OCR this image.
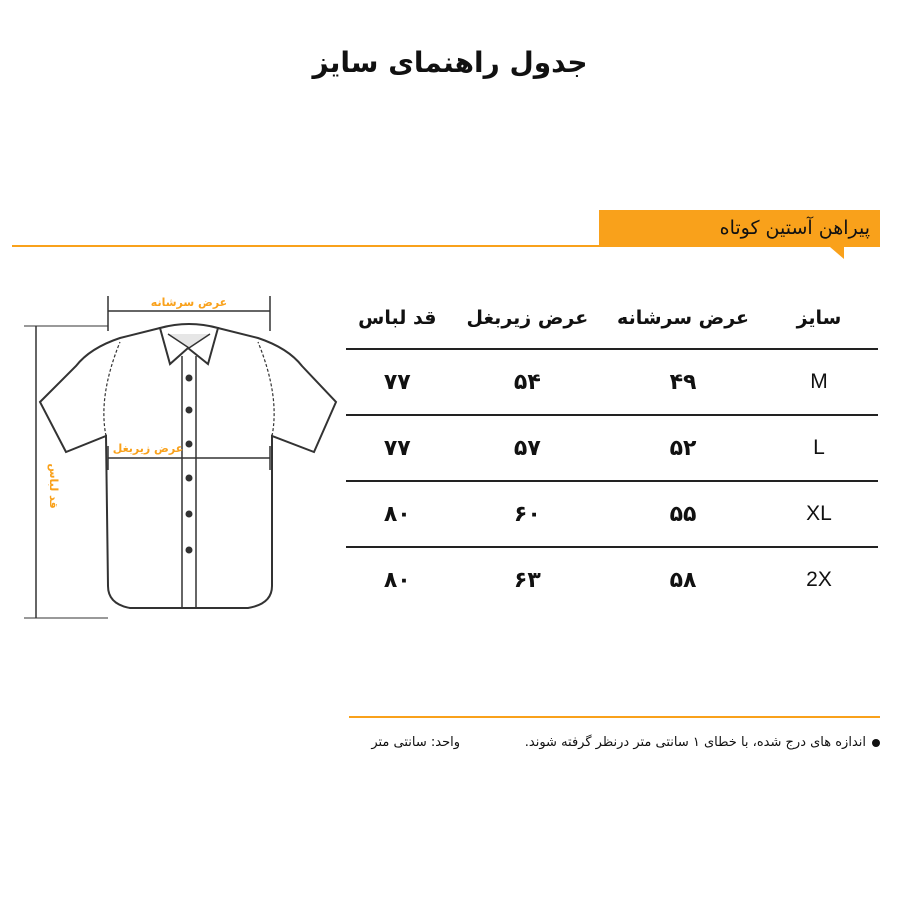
جدول راهنمای سایز
پیراهن آستین کوتاه
عرض سرشانه
عرض زیربغل
قد لباس
سایز	عرض سرشانه	عرض زیربغل	قد لباس
M	۴۹	۵۴	۷۷
L	۵۲	۵۷	۷۷
XL	۵۵	۶۰	۸۰
2X	۵۸	۶۳	۸۰
اندازه های درج شده، با خطای ۱ سانتی متر درنظر گرفته شوند.
واحد: سانتی متر
